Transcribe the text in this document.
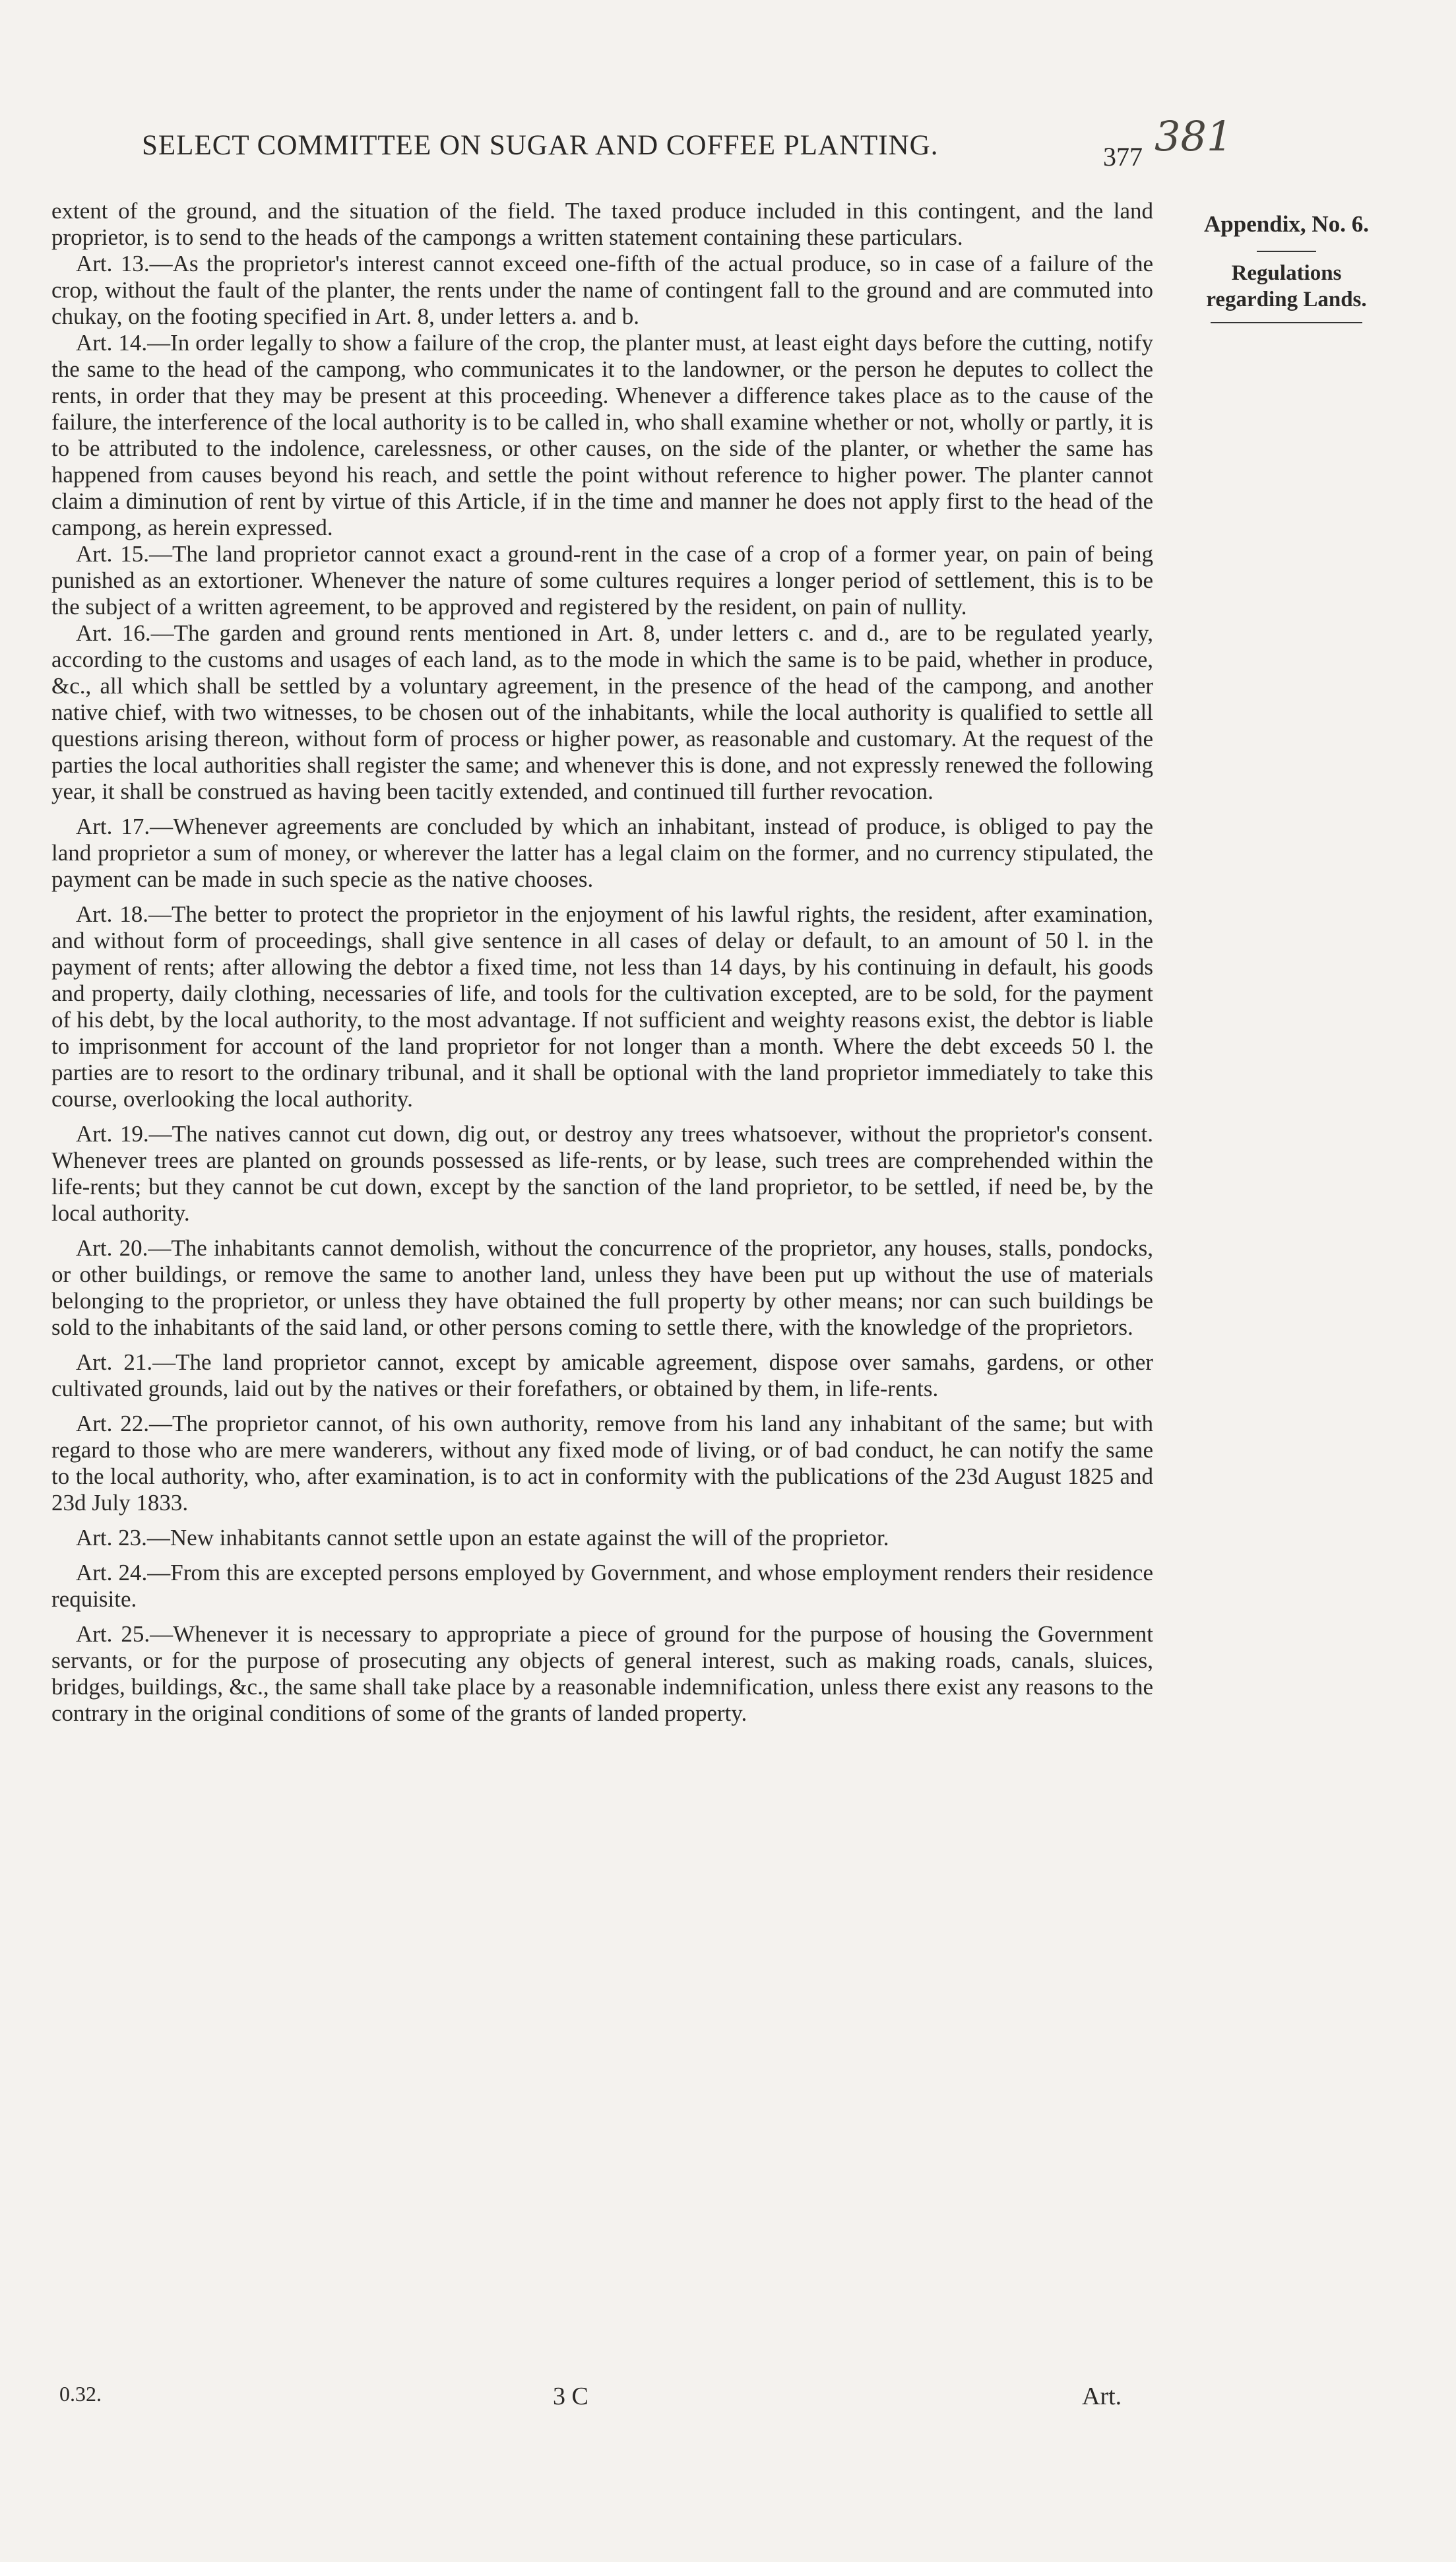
SELECT COMMITTEE ON SUGAR AND COFFEE PLANTING.	377 381
Appendix, No. 6.
Regulations
regarding Lands.

extent of the ground, and the situation of the field. The taxed produce included in this contingent, and the land proprietor, is to send to the heads of the campongs a written statement containing these particulars.

Art. 13.—As the proprietor's interest cannot exceed one-fifth of the actual produce, so in case of a failure of the crop, without the fault of the planter, the rents under the name of contingent fall to the ground and are commuted into chukay, on the footing specified in Art. 8, under letters a. and b.

Art. 14.—In order legally to show a failure of the crop, the planter must, at least eight days before the cutting, notify the same to the head of the campong, who communicates it to the landowner, or the person he deputes to collect the rents, in order that they may be present at this proceeding. Whenever a difference takes place as to the cause of the failure, the interference of the local authority is to be called in, who shall examine whether or not, wholly or partly, it is to be attributed to the indolence, carelessness, or other causes, on the side of the planter, or whether the same has happened from causes beyond his reach, and settle the point without reference to higher power. The planter cannot claim a diminution of rent by virtue of this Article, if in the time and manner he does not apply first to the head of the campong, as herein expressed.

Art. 15.—The land proprietor cannot exact a ground-rent in the case of a crop of a former year, on pain of being punished as an extortioner. Whenever the nature of some cultures requires a longer period of settlement, this is to be the subject of a written agreement, to be approved and registered by the resident, on pain of nullity.

Art. 16.—The garden and ground rents mentioned in Art. 8, under letters c. and d., are to be regulated yearly, according to the customs and usages of each land, as to the mode in which the same is to be paid, whether in produce, &c., all which shall be settled by a voluntary agreement, in the presence of the head of the campong, and another native chief, with two witnesses, to be chosen out of the inhabitants, while the local authority is qualified to settle all questions arising thereon, without form of process or higher power, as reasonable and customary. At the request of the parties the local authorities shall register the same; and whenever this is done, and not expressly renewed the following year, it shall be construed as having been tacitly extended, and continued till further revocation.

Art. 17.—Whenever agreements are concluded by which an inhabitant, instead of produce, is obliged to pay the land proprietor a sum of money, or wherever the latter has a legal claim on the former, and no currency stipulated, the payment can be made in such specie as the native chooses.

Art. 18.—The better to protect the proprietor in the enjoyment of his lawful rights, the resident, after examination, and without form of proceedings, shall give sentence in all cases of delay or default, to an amount of 50 l. in the payment of rents; after allowing the debtor a fixed time, not less than 14 days, by his continuing in default, his goods and property, daily clothing, necessaries of life, and tools for the cultivation excepted, are to be sold, for the payment of his debt, by the local authority, to the most advantage. If not sufficient and weighty reasons exist, the debtor is liable to imprisonment for account of the land proprietor for not longer than a month. Where the debt exceeds 50 l. the parties are to resort to the ordinary tribunal, and it shall be optional with the land proprietor immediately to take this course, overlooking the local authority.

Art. 19.—The natives cannot cut down, dig out, or destroy any trees whatsoever, without the proprietor's consent. Whenever trees are planted on grounds possessed as life-rents, or by lease, such trees are comprehended within the life-rents; but they cannot be cut down, except by the sanction of the land proprietor, to be settled, if need be, by the local authority.

Art. 20.—The inhabitants cannot demolish, without the concurrence of the proprietor, any houses, stalls, pondocks, or other buildings, or remove the same to another land, unless they have been put up without the use of materials belonging to the proprietor, or unless they have obtained the full property by other means; nor can such buildings be sold to the inhabitants of the said land, or other persons coming to settle there, with the knowledge of the proprietors.

Art. 21.—The land proprietor cannot, except by amicable agreement, dispose over samahs, gardens, or other cultivated grounds, laid out by the natives or their forefathers, or obtained by them, in life-rents.

Art. 22.—The proprietor cannot, of his own authority, remove from his land any inhabitant of the same; but with regard to those who are mere wanderers, without any fixed mode of living, or of bad conduct, he can notify the same to the local authority, who, after examination, is to act in conformity with the publications of the 23d August 1825 and 23d July 1833.

Art. 23.—New inhabitants cannot settle upon an estate against the will of the proprietor.

Art. 24.—From this are excepted persons employed by Government, and whose employment renders their residence requisite.

Art. 25.—Whenever it is necessary to appropriate a piece of ground for the purpose of housing the Government servants, or for the purpose of prosecuting any objects of general interest, such as making roads, canals, sluices, bridges, buildings, &c., the same shall take place by a reasonable indemnification, unless there exist any reasons to the contrary in the original conditions of some of the grants of landed property.

0.32.	3 C	Art.
